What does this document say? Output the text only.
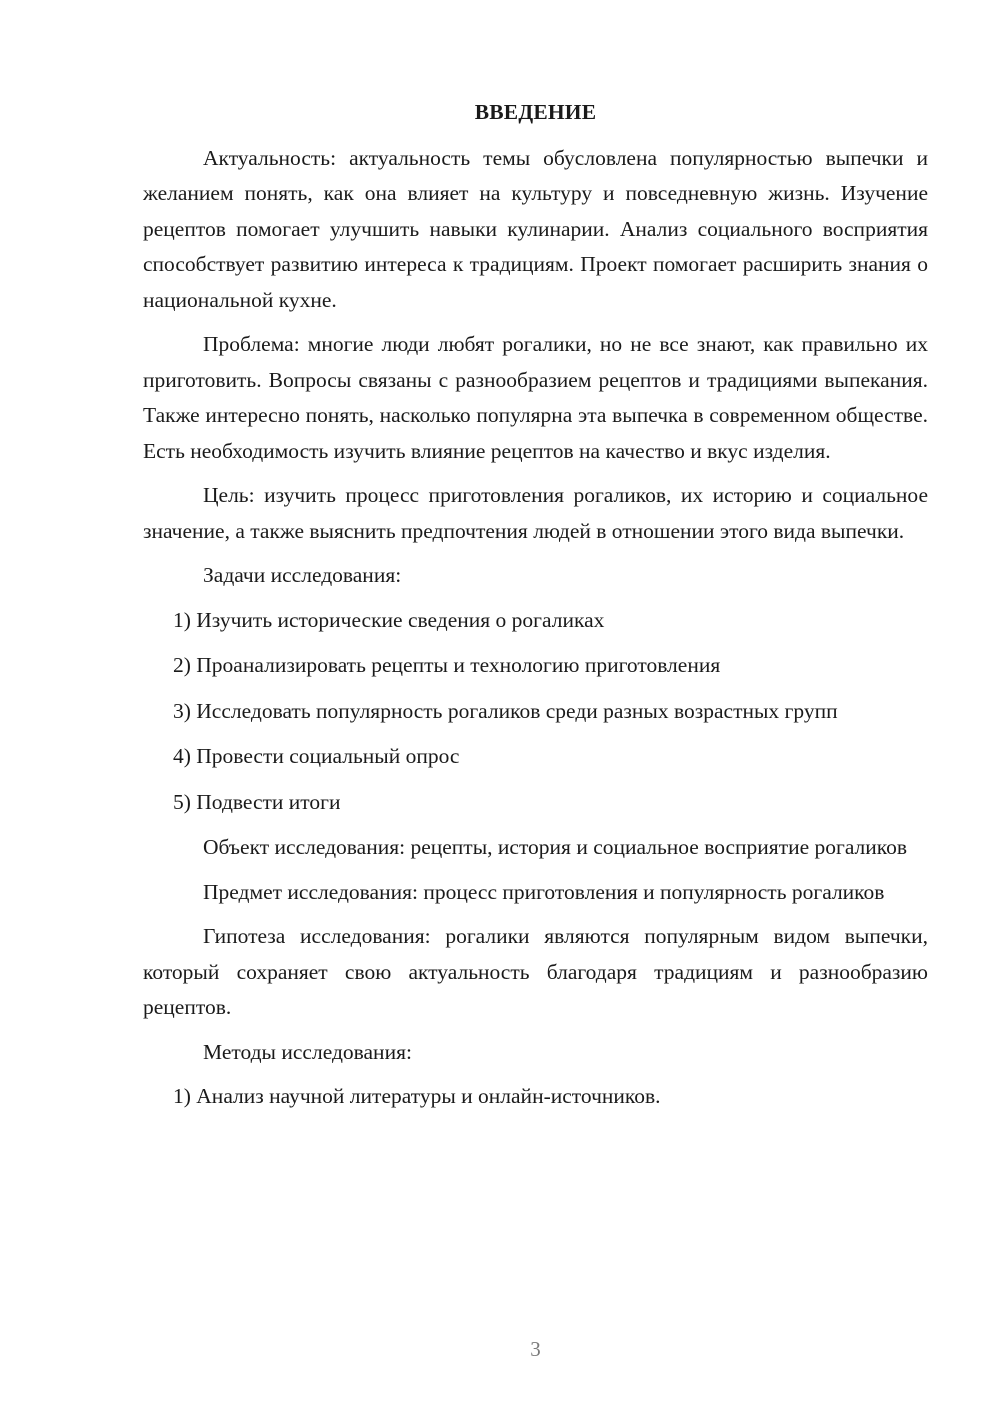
ВВЕДЕНИЕ

Актуальность: актуальность темы обусловлена популярностью выпечки и желанием понять, как она влияет на культуру и повседневную жизнь. Изучение рецептов помогает улучшить навыки кулинарии. Анализ социального восприятия способствует развитию интереса к традициям. Проект помогает расширить знания о национальной кухне.

Проблема: многие люди любят рогалики, но не все знают, как правильно их приготовить. Вопросы связаны с разнообразием рецептов и традициями выпекания. Также интересно понять, насколько популярна эта выпечка в современном обществе. Есть необходимость изучить влияние рецептов на качество и вкус изделия.

Цель: изучить процесс приготовления рогаликов, их историю и социальное значение, а также выяснить предпочтения людей в отношении этого вида выпечки.

Задачи исследования:

1) Изучить исторические сведения о рогаликах

2) Проанализировать рецепты и технологию приготовления

3) Исследовать популярность рогаликов среди разных возрастных групп

4) Провести социальный опрос

5) Подвести итоги

Объект исследования: рецепты, история и социальное восприятие рогаликов

Предмет исследования: процесс приготовления и популярность рогаликов

Гипотеза исследования: рогалики являются популярным видом выпечки, который сохраняет свою актуальность благодаря традициям и разнообразию рецептов.

Методы исследования:

1) Анализ научной литературы и онлайн-источников.

3
